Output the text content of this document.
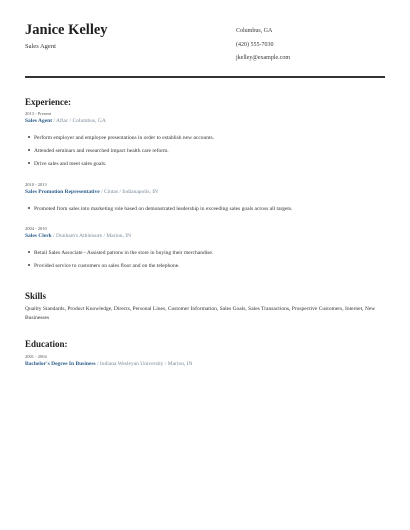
Janice Kelley
Sales Agent
Columbus, GA
(420) 555-7030
jkelley@example.com
Experience:
2013 - Present
Sales Agent / Aflac / Columbus, GA
Perform employer and employee presentations in order to establish new accounts.
Attended seminars and researched impact health care reform.
Drive sales and meet sales goals.
2010 - 2013
Sales Promotion Representative / Cintas / Indianapolis, IN
Promoted from sales into marketing role based on demonstrated leadership in exceeding sales goals across all targets.
2004 - 2010
Sales Clerk / Dunham's Athleisure / Marion, IN
Retail Sales Associate - Assisted patrons in the store in buying their merchandise.
Provided service to customers on sales floor and on the telephone.
Skills
Quality Standards, Product Knowledge, Directs, Personal Lines, Customer Information, Sales Goals, Sales Transactions, Prospective Customers, Internet, New Businesses
Education:
2001 - 2004
Bachelor's Degree In Business / Indiana Wesleyan University / Marion, IN
